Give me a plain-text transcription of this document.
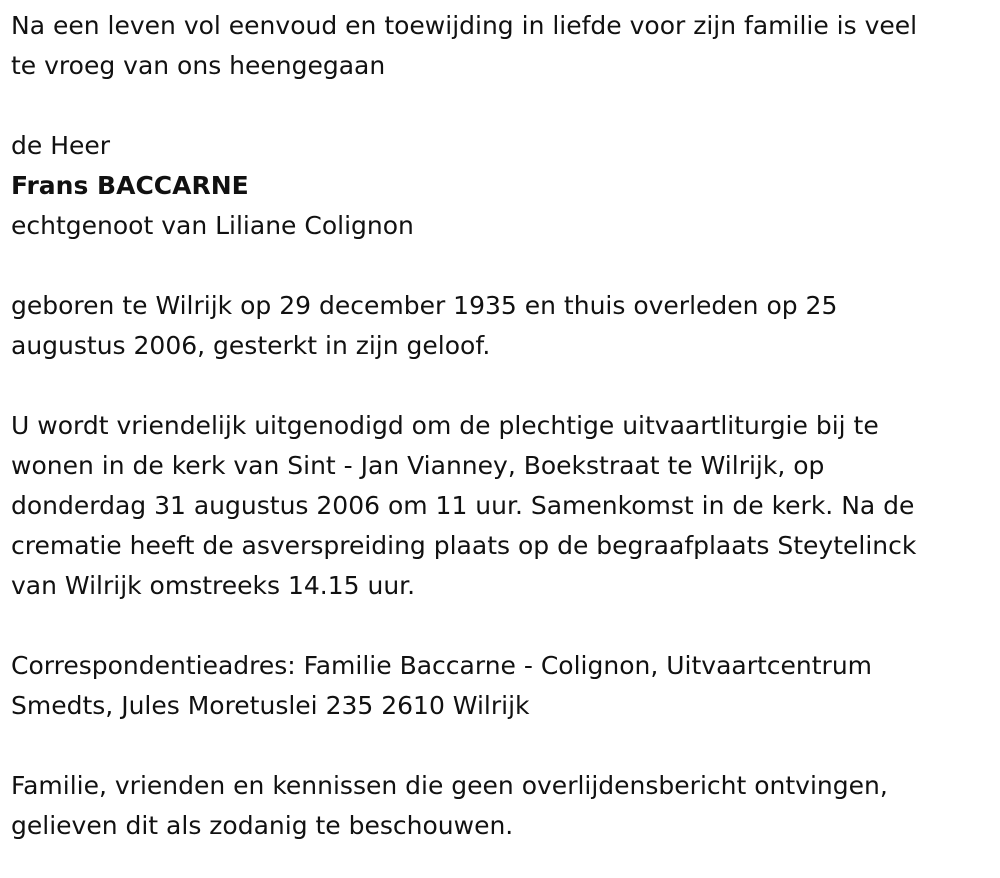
Na een leven vol eenvoud en toewijding in liefde voor zijn familie is veel

te vroeg van ons heengegaan

de Heer

Frans BACCARNE

echtgenoot van Liliane Colignon

geboren te Wilrijk op 29 december 1935 en thuis overleden op 25

augustus 2006, gesterkt in zijn geloof.

U wordt vriendelijk uitgenodigd om de plechtige uitvaartliturgie bij te

wonen in de kerk van Sint - Jan Vianney, Boekstraat te Wilrijk, op

donderdag 31 augustus 2006 om 11 uur. Samenkomst in de kerk. Na de

crematie heeft de asverspreiding plaats op de begraafplaats Steytelinck

van Wilrijk omstreeks 14.15 uur.

Correspondentieadres: Familie Baccarne - Colignon, Uitvaartcentrum

Smedts, Jules Moretuslei 235 2610 Wilrijk

Familie, vrienden en kennissen die geen overlijdensbericht ontvingen,

gelieven dit als zodanig te beschouwen.
